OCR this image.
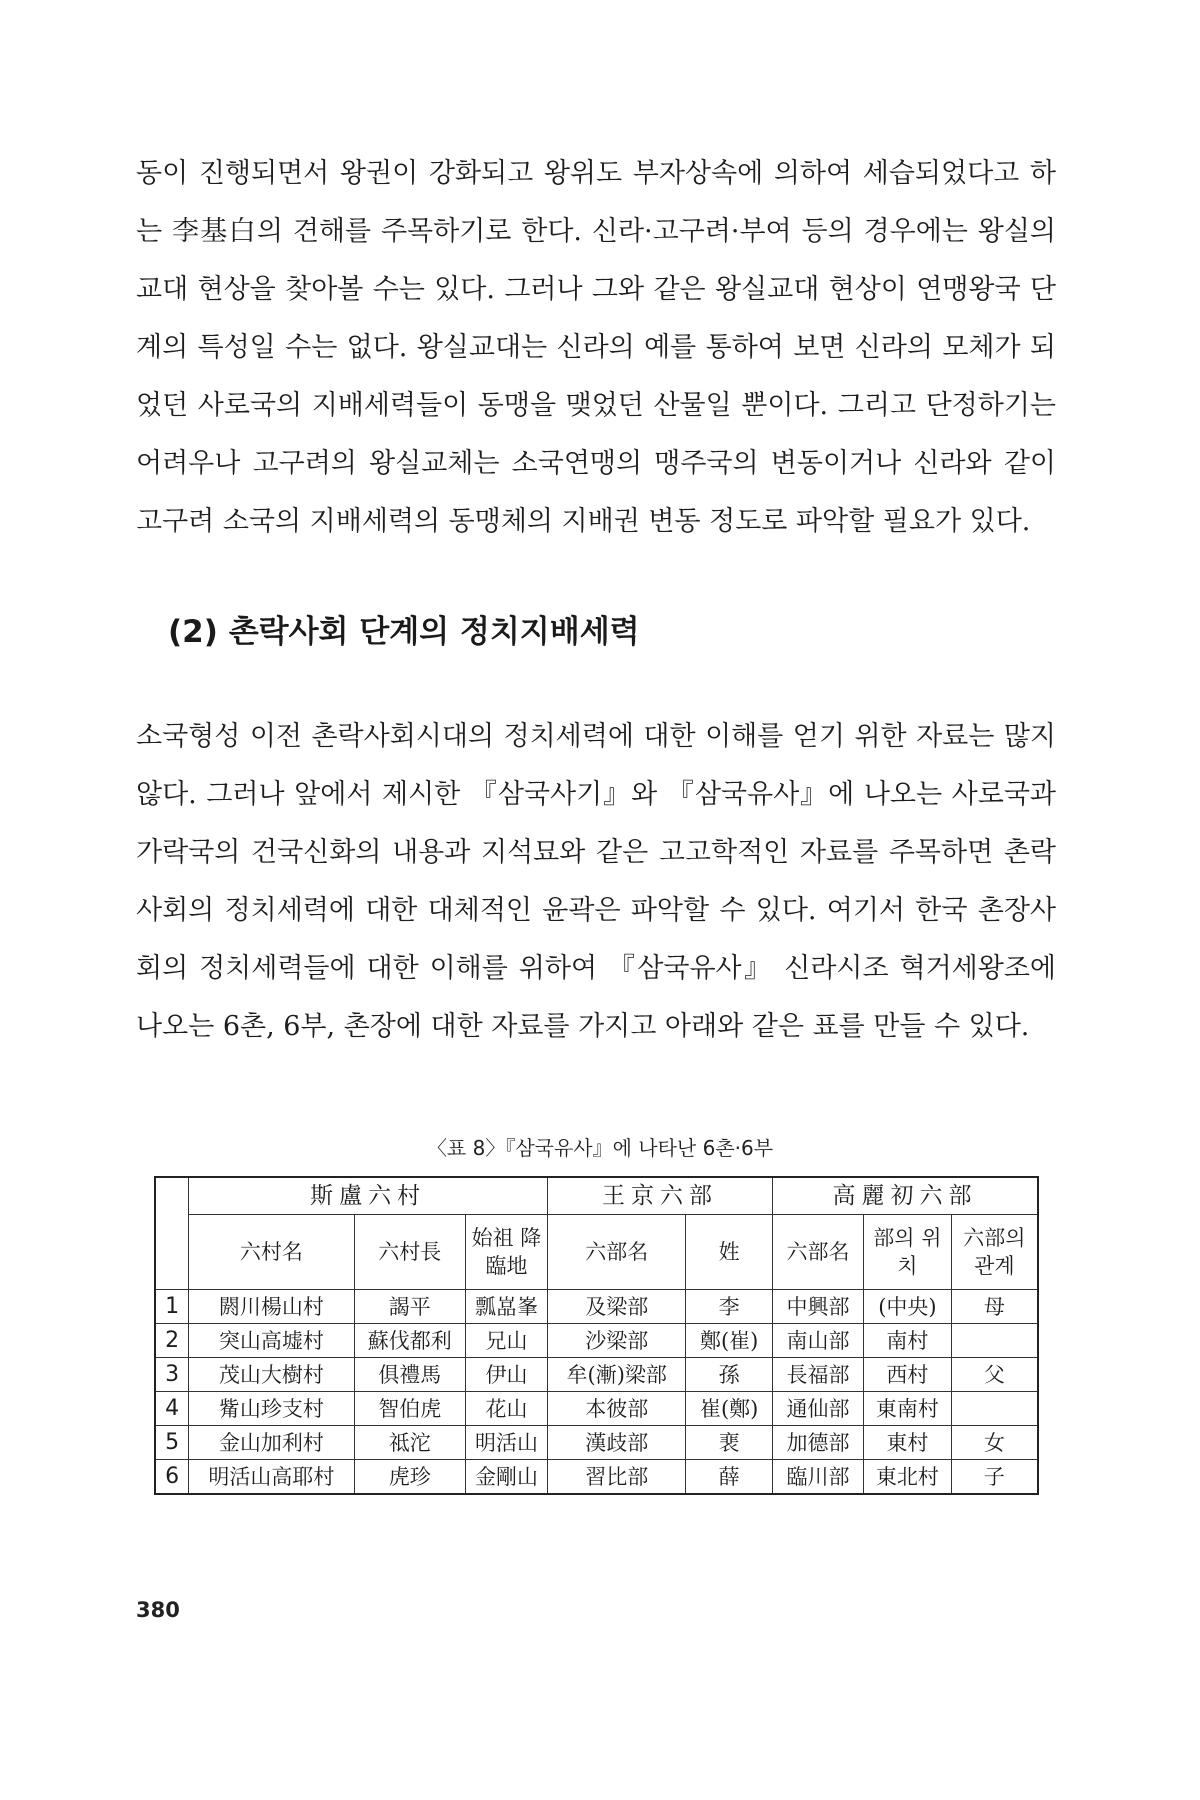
동이 진행되면서 왕권이 강화되고 왕위도 부자상속에 의하여 세습되었다고 하는 李基白의 견해를 주목하기로 한다. 신라·고구려·부여 등의 경우에는 왕실의 교대 현상을 찾아볼 수는 있다. 그러나 그와 같은 왕실교대 현상이 연맹왕국 단계의 특성일 수는 없다. 왕실교대는 신라의 예를 통하여 보면 신라의 모체가 되었던 사로국의 지배세력들이 동맹을 맺었던 산물일 뿐이다. 그리고 단정하기는 어려우나 고구려의 왕실교체는 소국연맹의 맹주국의 변동이거나 신라와 같이 고구려 소국의 지배세력의 동맹체의 지배권 변동 정도로 파악할 필요가 있다.

(2) 촌락사회 단계의 정치지배세력

소국형성 이전 촌락사회시대의 정치세력에 대한 이해를 얻기 위한 자료는 많지 않다. 그러나 앞에서 제시한 『삼국사기』와 『삼국유사』에 나오는 사로국과 가락국의 건국신화의 내용과 지석묘와 같은 고고학적인 자료를 주목하면 촌락사회의 정치세력에 대한 대체적인 윤곽은 파악할 수 있다. 여기서 한국 촌장사회의 정치세력들에 대한 이해를 위하여 『삼국유사』 신라시조 혁거세왕조에 나오는 6촌, 6부, 촌장에 대한 자료를 가지고 아래와 같은 표를 만들 수 있다.

〈표 8〉『삼국유사』에 나타난 6촌·6부
	斯盧六村			王京六部		高麗初六部		
	六村名	六村長	始祖 降臨地	六部名	姓	六部名	部의 위치	六部의 관계
1	閼川楊山村	謁平	瓢嵓峯	及梁部	李	中興部	(中央)	母
2	突山高墟村	蘇伐都利	兄山	沙梁部	鄭(崔)	南山部	南村	
3	茂山大樹村	俱禮馬	伊山	牟(漸)梁部	孫	長福部	西村	父
4	觜山珍支村	智伯虎	花山	本彼部	崔(鄭)	通仙部	東南村	
5	金山加利村	祗沱	明活山	漢歧部	裵	加德部	東村	女
6	明活山高耶村	虎珍	金剛山	習比部	薛	臨川部	東北村	子
380
